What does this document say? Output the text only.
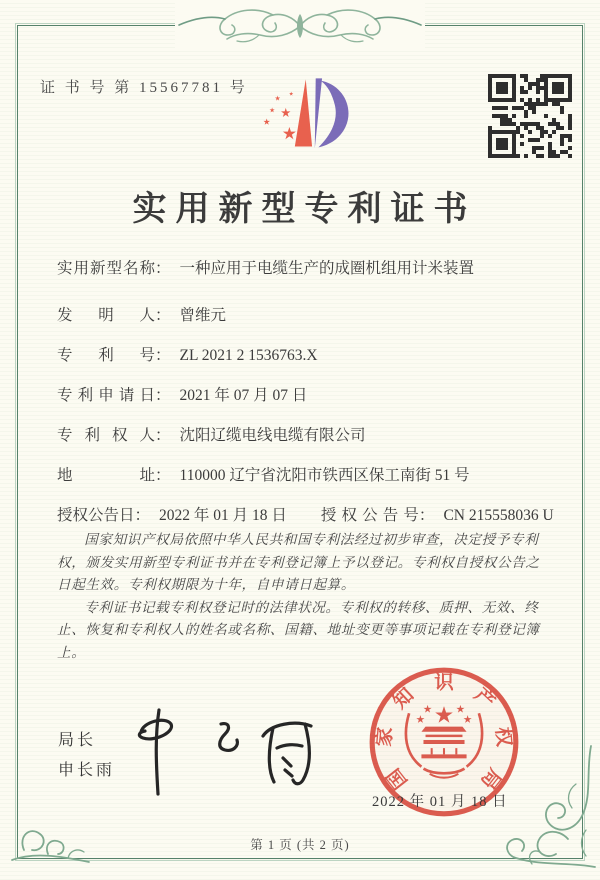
证 书 号 第 15567781 号
实用新型专利证书
实用新型名称 ： 一种应用于电缆生产的成圈机组用计米装置
发明人 ： 曾维元
专利号 ： ZL 2021 2 1536763.X
专利申请日 ： 2021 年 07 月 07 日
专利权人 ： 沈阳辽缆电线电缆有限公司
地址 ： 110000 辽宁省沈阳市铁西区保工南街 51 号
授权公告日 ： 2022 年 01 月 18 日 授权公告号 ： CN 215558036 U

国家知识产权局依照中华人民共和国专利法经过初步审查，决定授予专利权，颁发实用新型专利证书并在专利登记簿上予以登记。专利权自授权公告之日起生效。专利权期限为十年，自申请日起算。

专利证书记载专利权登记时的法律状况。专利权的转移、质押、无效、终止、恢复和专利权人的姓名或名称、国籍、地址变更等事项记载在专利登记簿上。

局长
申长雨	国
家
知
识
产
权
局
2022 年 01 月 18 日
第 1 页 (共 2 页)
